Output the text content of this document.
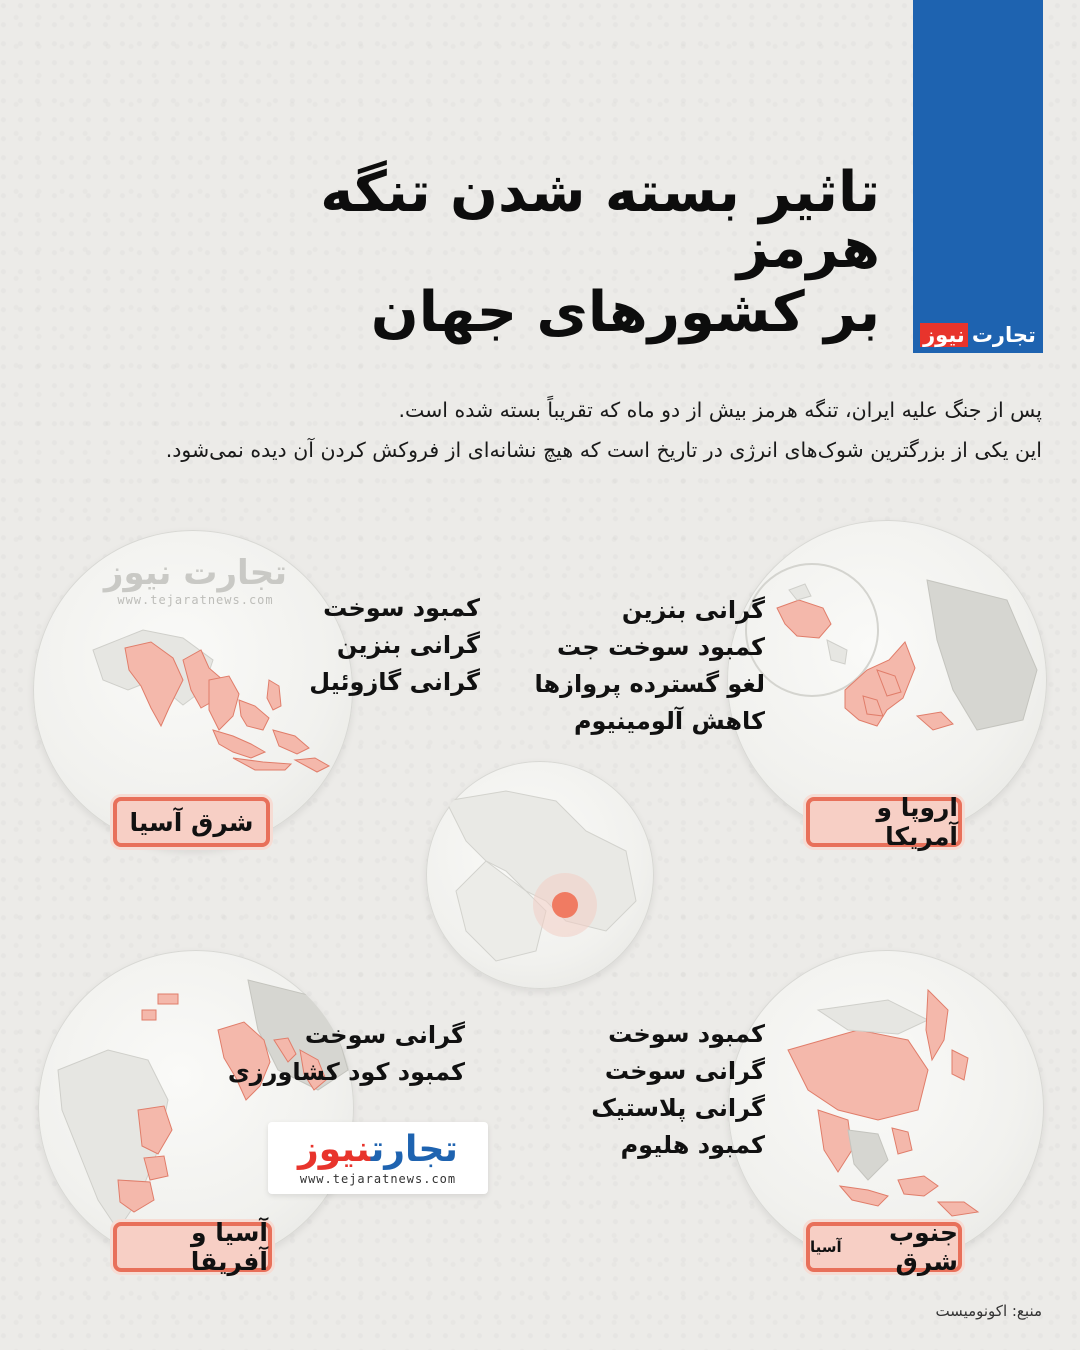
تجارت
نیوز
تاثیر بسته شدن تنگه هرمز
بر کشورهای جهان
پس از جنگ علیه ایران، تنگه هرمز بیش از دو ماه که تقریباً بسته شده است.
این یکی از بزرگترین شوک‌های انرژی در تاریخ است که هیچ نشانه‌ای از فروکش کردن آن دیده نمی‌شود.
تجارت نیوز
www.tejaratnews.com	کمبود سوخت
گرانی بنزین
گرانی گازوئیل
شرق آسیا
گرانی بنزین
کمبود سوخت جت
لغو گسترده پروازها
کاهش آلومینیوم
اروپا و آمریکا
گرانی سوخت
کمبود کود کشاورزی
تجارتنیوز
www.tejaratnews.com
آسیا و آفریقا
کمبود سوخت
گرانی سوخت
گرانی پلاستیک
کمبود هلیوم
جنوب شرق
آسیا
منبع: اکونومیست
